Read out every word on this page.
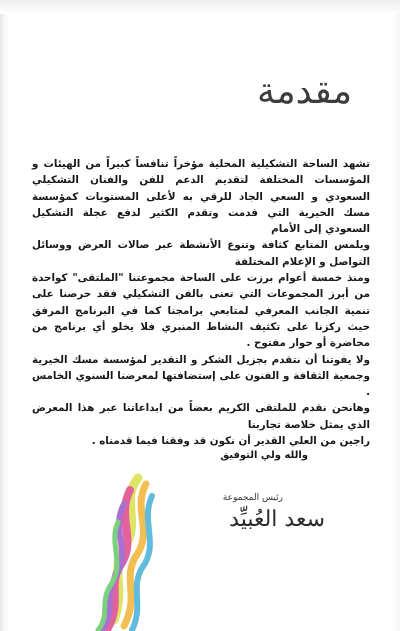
مقدمة

تشهد الساحة التشكيلية المحلية مؤخراً تنافساً كبيراً من الهيئات و المؤسسات المختلفة لتقديم الدعم للفن والفنان التشكيلي السعودي و السعي الجاد للرقي به لأعلى المستويات كمؤسسة مسك الخيرية التي قدمت وتقدم الكثير لدفع عجلة التشكيل السعودي إلى الأمام

ويلمس المتابع كثافة وتنوع الأنشطة عبر صالات العرض ووسائل التواصل و الإعلام المختلفة

ومنذ خمسة أعوام برزت على الساحة مجموعتنا "الملتقى" كواحدة من أبرز المجموعات التي تعنى بالفن التشكيلي فقد حرصنا على تنمية الجانب المعرفي لمتابعي برامجنا كما في البرنامج المرفق حيث ركزنا على تكثيف النشاط المنبري فلا يخلو أي برنامج من محاضرة أو حوار مفتوح .

ولا يفوتنا أن نتقدم بجزيل الشكر و التقدير لمؤسسة مسك الخيرية وجمعية الثقافة و الفنون على إستضافتها لمعرضنا السنوي الخامس .

وهانحن نقدم للملتقى الكريم بعضاً من ابداعاتنا عبر هذا المعرض الذي يمثل خلاصة تجاربنا

راجين من العلي القدير أن نكون قد وفقنا فيما قدمناه .

والله ولي التوفيق
رئيس المجموعة
سعد العُبيِّد
